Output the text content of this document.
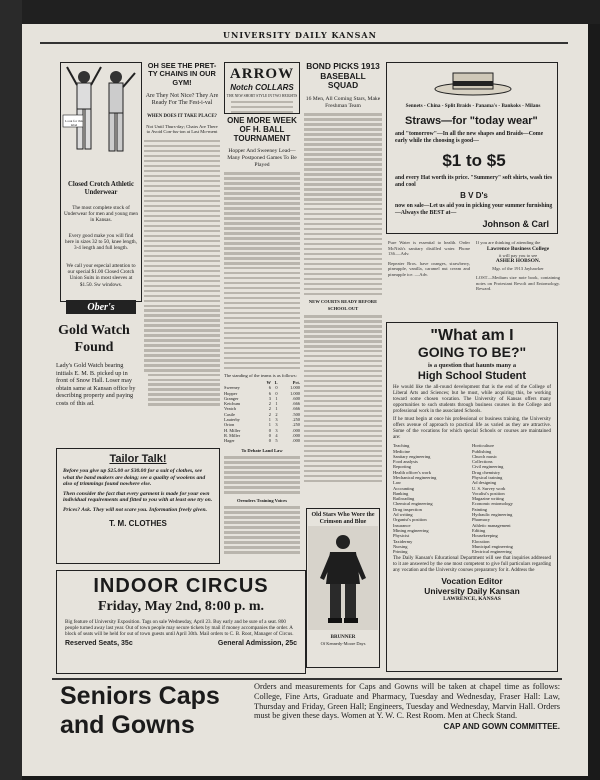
UNIVERSITY DAILY KANSAN
Look for this label
Closed Crotch Athletic Underwear
The most complete stock of Underwear for men and young men in Kansas.
Every good make you will find here in sizes 32 to 50, knee length, 3-4 length and full length.
We call your especial attention to our special $1.00 Closed Crotch Union Suits in most sleeves at $1.50. Sw windows.
Ober's
OH SEE THE PRET-TY CHAINS IN OUR GYM!
Are They Not Nice? They Are Ready For The Fest-i-val
WHEN DOES IT TAKE PLACE?
Not Until Thurs-day; Chairs Are There to Avoid Con-fus-ion at Last Mo-ment
Gold Watch Found
Lady's Gold Watch bearing initials E. M. B. picked up in front of Snow Hall. Loser may obtain same at Kansan office by describing property and paying costs of this ad.
Tailor Talk!
Before you give up $25.00 or $30.00 for a suit of clothes, see what the band makers are doing; see a quality of woolens and also of trimmings found nowhere else.
Then consider the fact that every garment is made for your own individual requirements and fitted to you with at least one try on.
Prices? Ask. They will not scare you. Information freely given.
T. M. CLOTHES
INDOOR CIRCUS
Friday, May 2nd, 8:00 p. m.
Big feature of University Exposition. Tags on sale Wednesday, April 23. Buy early and be sure of a seat. 800 people turned away last year. Out of town people may secure tickets by mail if money accompanies the order. A block of seats will be held for out of town guests until April 30th. Mail orders to C. B. Root, Manager of Circus.
Reserved Seats, 35c	General Admission, 25c
ARROW
Notch COLLARS
THE NEW SHORT STYLE IN TWO HEIGHTS
ONE MORE WEEK OF H. BALL TOURNAMENT
Hopper And Sweeney Lead—Many Postponed Games To Be Played
The standing of the teams is as follows:
	W	L	Pct.
Sweeney	6	0	1.000
Hopper	6	0	1.000
Granger	3	1	.600
Ketchum	2	1	.666
Veatch	2	1	.666
Castle	2	2	.500
Lauterby	1	3	.250
Orton	1	3	.250
H. Miller	0	3	.000
R. Miller	0	4	.000
Hager	0	5	.000
To Debate Land Law
Orenders Training Voices
BOND PICKS 1913 BASEBALL SQUAD
16 Men, All Coming Stars, Make Freshman Team
NEW COURTS READY BEFORE SCHOOL OUT
Old Stars Who Wore the Crimson and Blue
BRUNNER
Of Kennedy-Moore Days
Sennets - China - Split Braids - Panama's - Bankoks - Milans
Straws—for "today wear"
and "tomorrow"—In all the new shapes and Braids—Come early while the choosing is good—
$1 to $5
and every Hat worth its price. "Summery" soft shirts, wash ties and cool
B V D's
now on sale—Let us aid you in picking your summer furnishing—Always the BEST at—
Johnson & Carl
Pure Water is essential to health. Order McNish's sanitary distilled water. Phone 136.—Adv.
Repeater Bros. have oranges, strawberry, pineapple, vanilla, caramel nut cream and pineapple ice. —Adv.
If you are thinking of attending the
Lawrence Business College
it will pay you to see
ASHER HOBSON.
Mgr. of the 1913 Jayhawker
LOST—Medium size note book, containing notes on Protestant Revolt and Entomology. Reward.
"What am I
GOING TO BE?"
is a question that haunts many a
High School Student
He would like the all-round development that is the end of the College of Liberal Arts and Sciences; but he must, while acquiring this, be working toward some chosen vocation. The University of Kansas offers many opportunities to such students through business courses in the College and professional work in the associated Schools.
If he must begin at once his professional or business training, the University offers avenue of approach to practical life as varied as they are attractive. Some of the vocations for which special Schools or courses are maintained are:
Teaching
Medicine
Sanitary engineering
Food analysis
Reporting
Health officer's work
Mechanical engineering
Law
Accounting
Banking
Railroading
Chemical engineering
Drug inspection
Ad writing
Organist's position
Insurance
Mining engineering
Physicist
Taxidermy
Nursing
Printing
Horticulture
Publishing
Church music
Collections
Civil engineering
Drug chemistry
Physical training
Ad designing
U. S. Survey work
Vocalist's position
Magazine writing
Economic entomology
Painting
Hydraulic engineering
Pharmacy
Athletic management
Editing
Housekeeping
Elocution
Municipal engineering
Electrical engineering
The Daily Kansan's Educational Department will see that inquiries addressed to it are answered by the one most competent to give full particulars regarding any vocation and the University courses preparatory for it. Address the
Vocation Editor
University Daily Kansan
LAWRENCE, KANSAS
Seniors Caps
and Gowns
Orders and measurements for Caps and Gowns will be taken at chapel time as follows: College, Fine Arts, Graduate and Pharmacy, Tuesday and Wednesday, Fraser Hall: Law, Thursday and Friday, Green Hall; Engineers, Tuesday and Wednesday, Marvin Hall. Orders must be given these days. Women at Y. W. C. Rest Room. Men at Check Stand.
CAP AND GOWN COMMITTEE.
